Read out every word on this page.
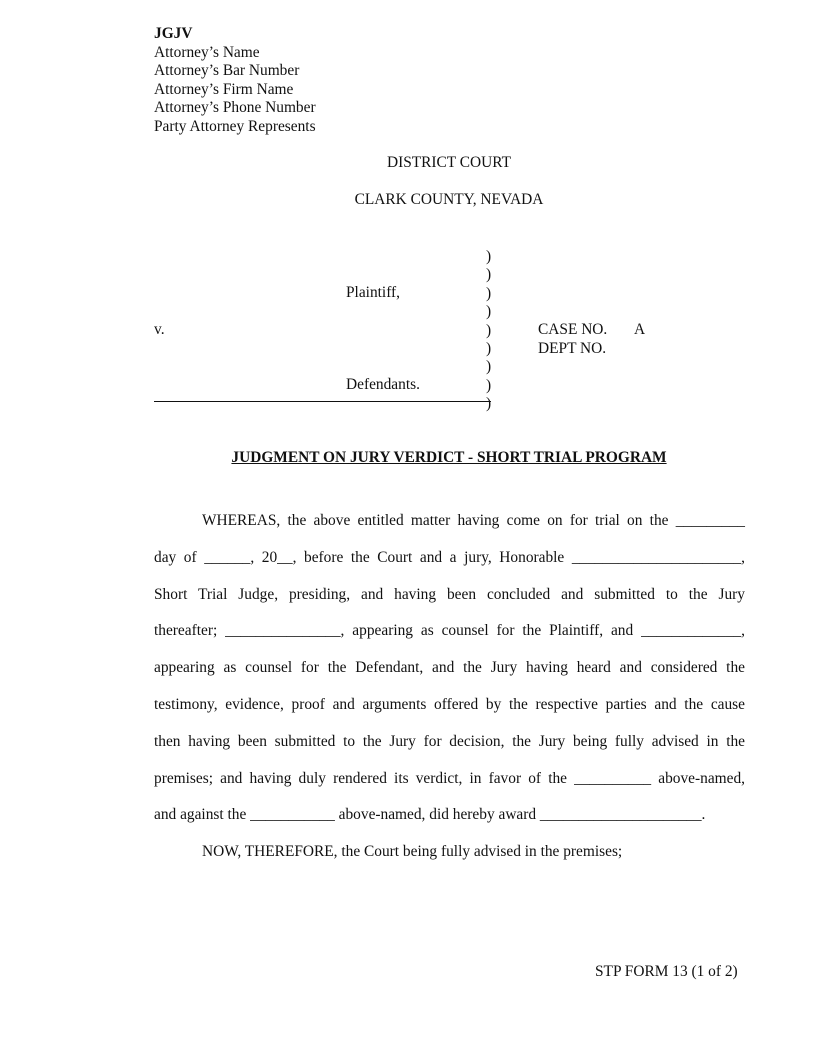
JGJV
Attorney’s Name
Attorney’s Bar Number
Attorney’s Firm Name
Attorney’s Phone Number
Party Attorney Represents
DISTRICT COURT
CLARK COUNTY, NEVADA
)
)
)
)
)
)
)
)
)
Plaintiff,
v.	CASE NO. A
DEPT NO.
Defendants.
JUDGMENT ON JURY VERDICT - SHORT TRIAL PROGRAM
WHEREAS, the above entitled matter having come on for trial on the _________
day of ______, 20__, before the Court and a jury, Honorable ______________________,
Short Trial Judge, presiding, and having been concluded and submitted to the Jury
thereafter; _______________, appearing as counsel for the Plaintiff, and _____________,
appearing as counsel for the Defendant, and the Jury having heard and considered the
testimony, evidence, proof and arguments offered by the respective parties and the cause
then having been submitted to the Jury for decision, the Jury being fully advised in the
premises; and having duly rendered its verdict, in favor of the __________ above-named,
and against the ___________ above-named, did hereby award _____________________.
NOW, THEREFORE, the Court being fully advised in the premises;
STP FORM 13 (1 of 2)
